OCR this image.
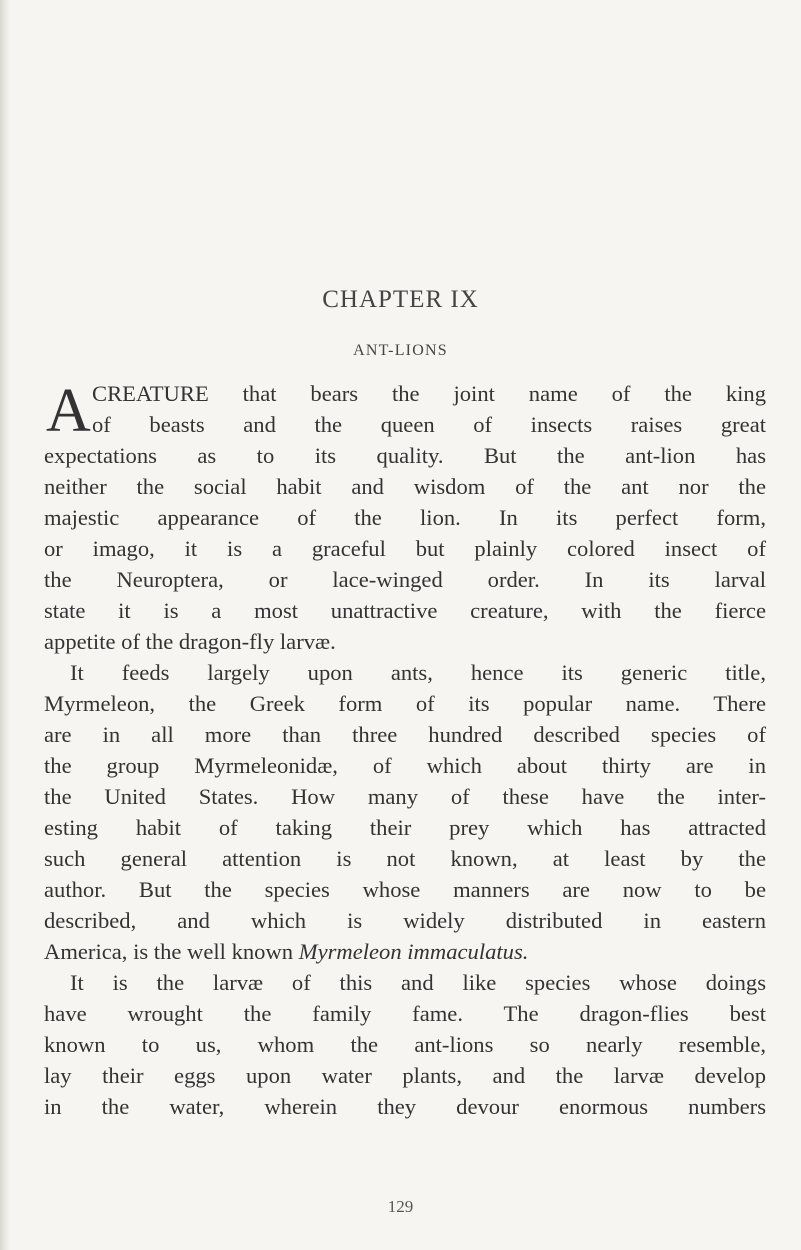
CHAPTER IX
ANT-LIONS
A CREATURE that bears the joint name of the king
of beasts and the queen of insects raises great
expectations as to its quality. But the ant-lion has
neither the social habit and wisdom of the ant nor the
majestic appearance of the lion. In its perfect form,
or imago, it is a graceful but plainly colored insect of
the Neuroptera, or lace-winged order. In its larval
state it is a most unattractive creature, with the fierce
appetite of the dragon-fly larvæ.
It feeds largely upon ants, hence its generic title,
Myrmeleon, the Greek form of its popular name. There
are in all more than three hundred described species of
the group Myrmeleonidæ, of which about thirty are in
the United States. How many of these have the inter-
esting habit of taking their prey which has attracted
such general attention is not known, at least by the
author. But the species whose manners are now to be
described, and which is widely distributed in eastern
America, is the well known Myrmeleon immaculatus.
It is the larvæ of this and like species whose doings
have wrought the family fame. The dragon-flies best
known to us, whom the ant-lions so nearly resemble,
lay their eggs upon water plants, and the larvæ develop
in the water, wherein they devour enormous numbers
129
